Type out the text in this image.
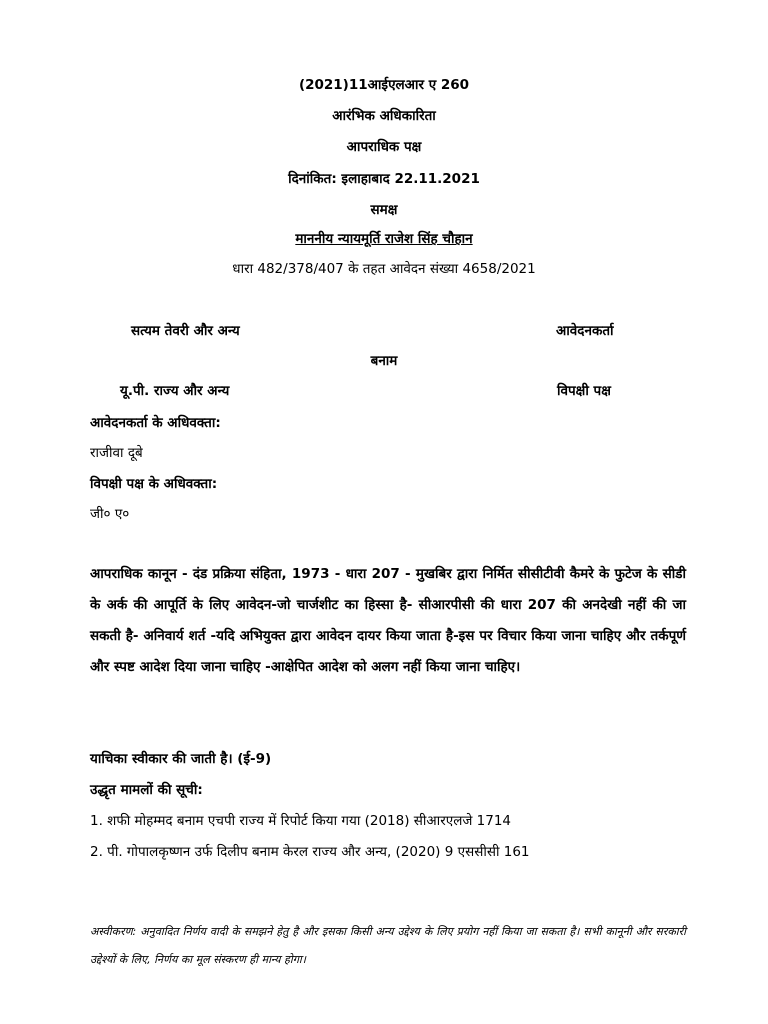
(2021)11आईएलआर ए 260
आरंभिक अधिकारिता
आपराधिक पक्ष
दिनांकित: इलाहाबाद 22.11.2021
समक्ष
माननीय न्यायमूर्ति राजेश सिंह चौहान
धारा 482/378/407 के तहत आवेदन संख्या 4658/2021
सत्यम तेवरी और अन्य	आवेदनकर्ता
बनाम
यू.पी. राज्य और अन्य	विपक्षी पक्ष
आवेदनकर्ता के अधिवक्ता:
राजीवा दूबे
विपक्षी पक्ष के अधिवक्ता:
जी० ए०
आपराधिक कानून - दंड प्रक्रिया संहिता, 1973 - धारा 207 - मुखबिर द्वारा निर्मित सीसीटीवी कैमरे के फुटेज के सीडी के अर्क की आपूर्ति के लिए आवेदन-जो चार्जशीट का हिस्सा है- सीआरपीसी की धारा 207 की अनदेखी नहीं की जा सकती है- अनिवार्य शर्त -यदि अभियुक्त द्वारा आवेदन दायर किया जाता है-इस पर विचार किया जाना चाहिए और तर्कपूर्ण और स्पष्ट आदेश दिया जाना चाहिए -आक्षेपित आदेश को अलग नहीं किया जाना चाहिए।
याचिका स्वीकार की जाती है। (ई-9)
उद्धृत मामलों की सूची:
1. शफी मोहम्मद बनाम एचपी राज्य में रिपोर्ट किया गया (2018) सीआरएलजे 1714
2. पी. गोपालकृष्णन उर्फ दिलीप बनाम केरल राज्य और अन्य, (2020) 9 एससीसी 161
अस्वीकरण: अनुवादित निर्णय वादी के समझने हेतु है और इसका किसी अन्य उद्देश्य के लिए प्रयोग नहीं किया जा सकता है। सभी कानूनी और सरकारी उद्देश्यों के लिए, निर्णय का मूल संस्करण ही मान्य होगा।
